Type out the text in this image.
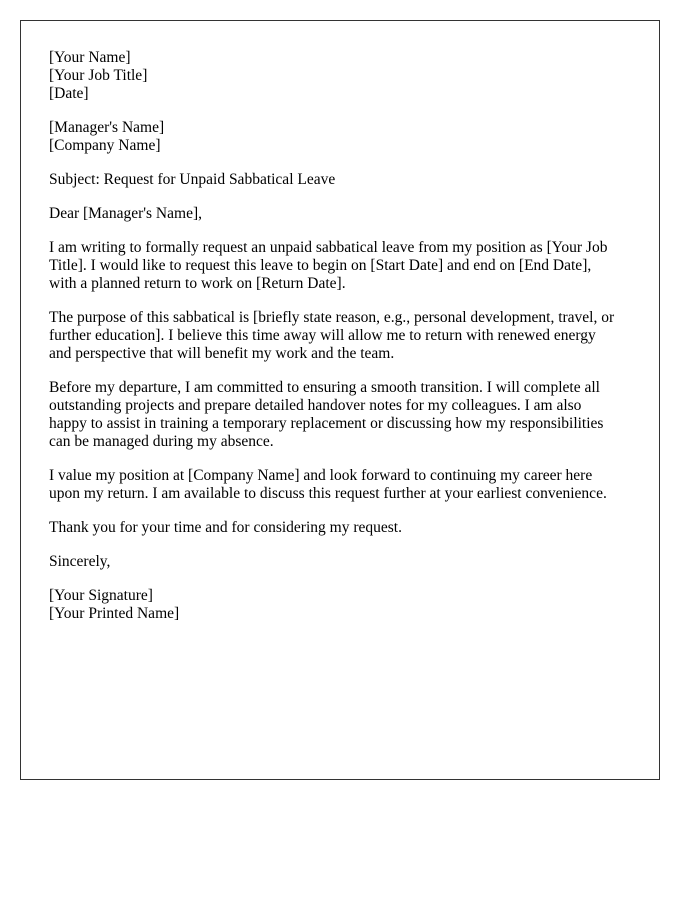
[Your Name]
[Your Job Title]
[Date]
[Manager's Name]
[Company Name]
Subject: Request for Unpaid Sabbatical Leave
Dear [Manager's Name],
I am writing to formally request an unpaid sabbatical leave from my position as [Your Job
Title]. I would like to request this leave to begin on [Start Date] and end on [End Date],
with a planned return to work on [Return Date].
The purpose of this sabbatical is [briefly state reason, e.g., personal development, travel, or
further education]. I believe this time away will allow me to return with renewed energy
and perspective that will benefit my work and the team.
Before my departure, I am committed to ensuring a smooth transition. I will complete all
outstanding projects and prepare detailed handover notes for my colleagues. I am also
happy to assist in training a temporary replacement or discussing how my responsibilities
can be managed during my absence.
I value my position at [Company Name] and look forward to continuing my career here
upon my return. I am available to discuss this request further at your earliest convenience.
Thank you for your time and for considering my request.
Sincerely,
[Your Signature]
[Your Printed Name]
